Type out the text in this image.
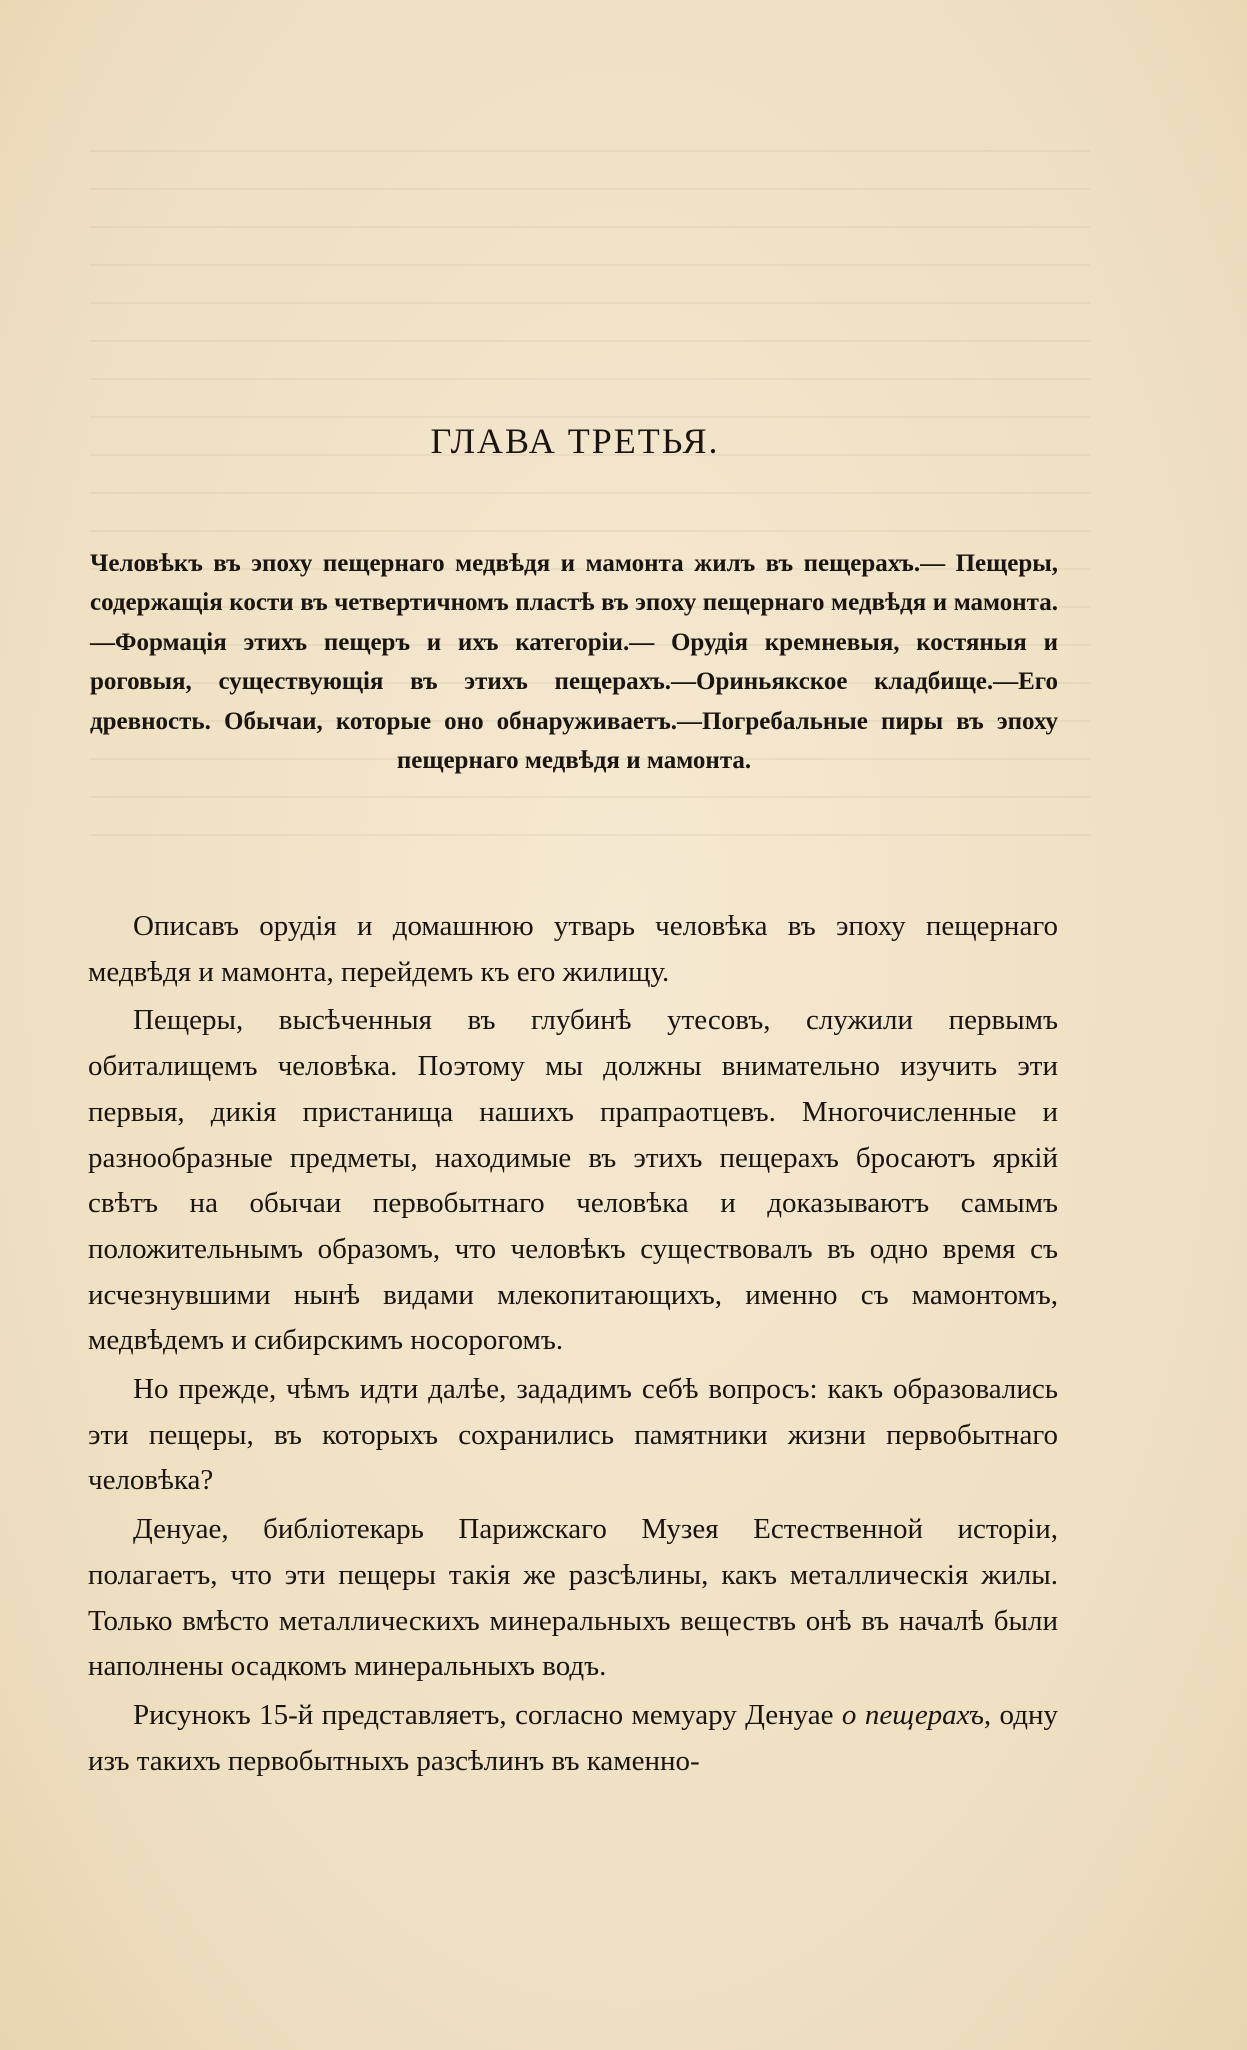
ГЛАВА ТРЕТЬЯ.

Человѣкъ въ эпоху пещернаго медвѣдя и мамонта жилъ въ пещерахъ.— Пещеры, содержащія кости въ четвертичномъ пластѣ въ эпоху пещернаго медвѣдя и мамонта.—Формація этихъ пещеръ и ихъ категоріи.— Орудія кремневыя, костяныя и роговыя, существующія въ этихъ пещерахъ.—Ориньякское кладбище.—Его древность. Обычаи, которые оно обнаруживаетъ.—Погребальные пиры въ эпоху пещернаго медвѣдя и мамонта.

Описавъ орудія и домашнюю утварь человѣка въ эпоху пещернаго медвѣдя и мамонта, перейдемъ къ его жилищу.

Пещеры, высѣченныя въ глубинѣ утесовъ, служили первымъ обиталищемъ человѣка. Поэтому мы должны внимательно изучить эти первыя, дикія пристанища нашихъ прапраотцевъ. Многочисленные и разнообразные предметы, находимые въ этихъ пещерахъ бросаютъ яркій свѣтъ на обычаи первобытнаго человѣка и доказываютъ самымъ положительнымъ образомъ, что человѣкъ существовалъ въ одно время съ исчезнувшими нынѣ видами млекопитающихъ, именно съ мамонтомъ, медвѣдемъ и сибирскимъ носорогомъ.

Но прежде, чѣмъ идти далѣе, зададимъ себѣ вопросъ: какъ образовались эти пещеры, въ которыхъ сохранились памятники жизни первобытнаго человѣка?

Денуае, библіотекарь Парижскаго Музея Естественной исторіи, полагаетъ, что эти пещеры такія же разсѣлины, какъ металлическія жилы. Только вмѣсто металлическихъ минеральныхъ веществъ онѣ въ началѣ были наполнены осадкомъ минеральныхъ водъ.

Рисунокъ 15-й представляетъ, согласно мемуару Денуае о пещерахъ, одну изъ такихъ первобытныхъ разсѣлинъ въ каменно-
